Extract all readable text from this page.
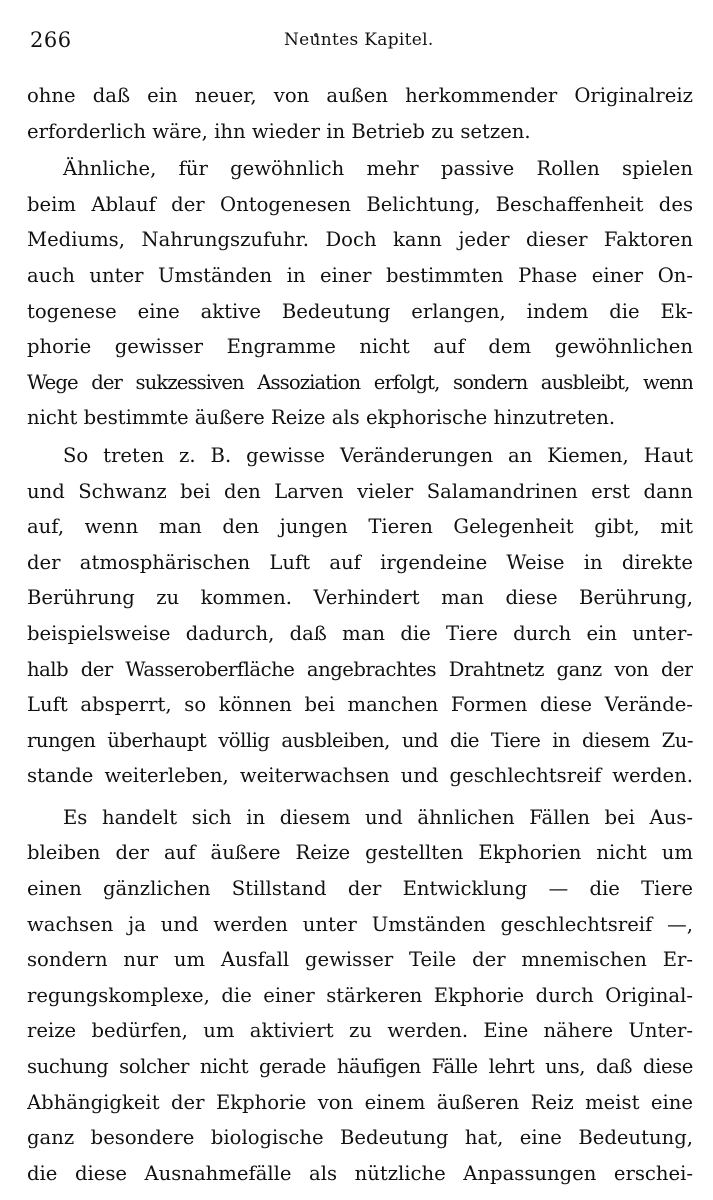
266	Neuntes Kapitel.
ohne daß ein neuer, von außen herkommender Originalreiz
erforderlich wäre, ihn wieder in Betrieb zu setzen.
Ähnliche, für gewöhnlich mehr passive Rollen spielen
beim Ablauf der Ontogenesen Belichtung, Beschaffenheit des
Mediums, Nahrungszufuhr. Doch kann jeder dieser Faktoren
auch unter Umständen in einer bestimmten Phase einer On-
togenese eine aktive Bedeutung erlangen, indem die Ek-
phorie gewisser Engramme nicht auf dem gewöhnlichen
Wege der sukzessiven Assoziation erfolgt, sondern ausbleibt, wenn
nicht bestimmte äußere Reize als ekphorische hinzutreten.
So treten z. B. gewisse Veränderungen an Kiemen, Haut
und Schwanz bei den Larven vieler Salamandrinen erst dann
auf, wenn man den jungen Tieren Gelegenheit gibt, mit
der atmosphärischen Luft auf irgendeine Weise in direkte
Berührung zu kommen. Verhindert man diese Berührung,
beispielsweise dadurch, daß man die Tiere durch ein unter-
halb der Wasseroberfläche angebrachtes Drahtnetz ganz von der
Luft absperrt, so können bei manchen Formen diese Verände-
rungen überhaupt völlig ausbleiben, und die Tiere in diesem Zu-
stande weiterleben, weiterwachsen und geschlechtsreif werden.
Es handelt sich in diesem und ähnlichen Fällen bei Aus-
bleiben der auf äußere Reize gestellten Ekphorien nicht um
einen gänzlichen Stillstand der Entwicklung — die Tiere
wachsen ja und werden unter Umständen geschlechtsreif —,
sondern nur um Ausfall gewisser Teile der mnemischen Er-
regungskomplexe, die einer stärkeren Ekphorie durch Original-
reize bedürfen, um aktiviert zu werden. Eine nähere Unter-
suchung solcher nicht gerade häufigen Fälle lehrt uns, daß diese
Abhängigkeit der Ekphorie von einem äußeren Reiz meist eine
ganz besondere biologische Bedeutung hat, eine Bedeutung,
die diese Ausnahmefälle als nützliche Anpassungen erschei-
